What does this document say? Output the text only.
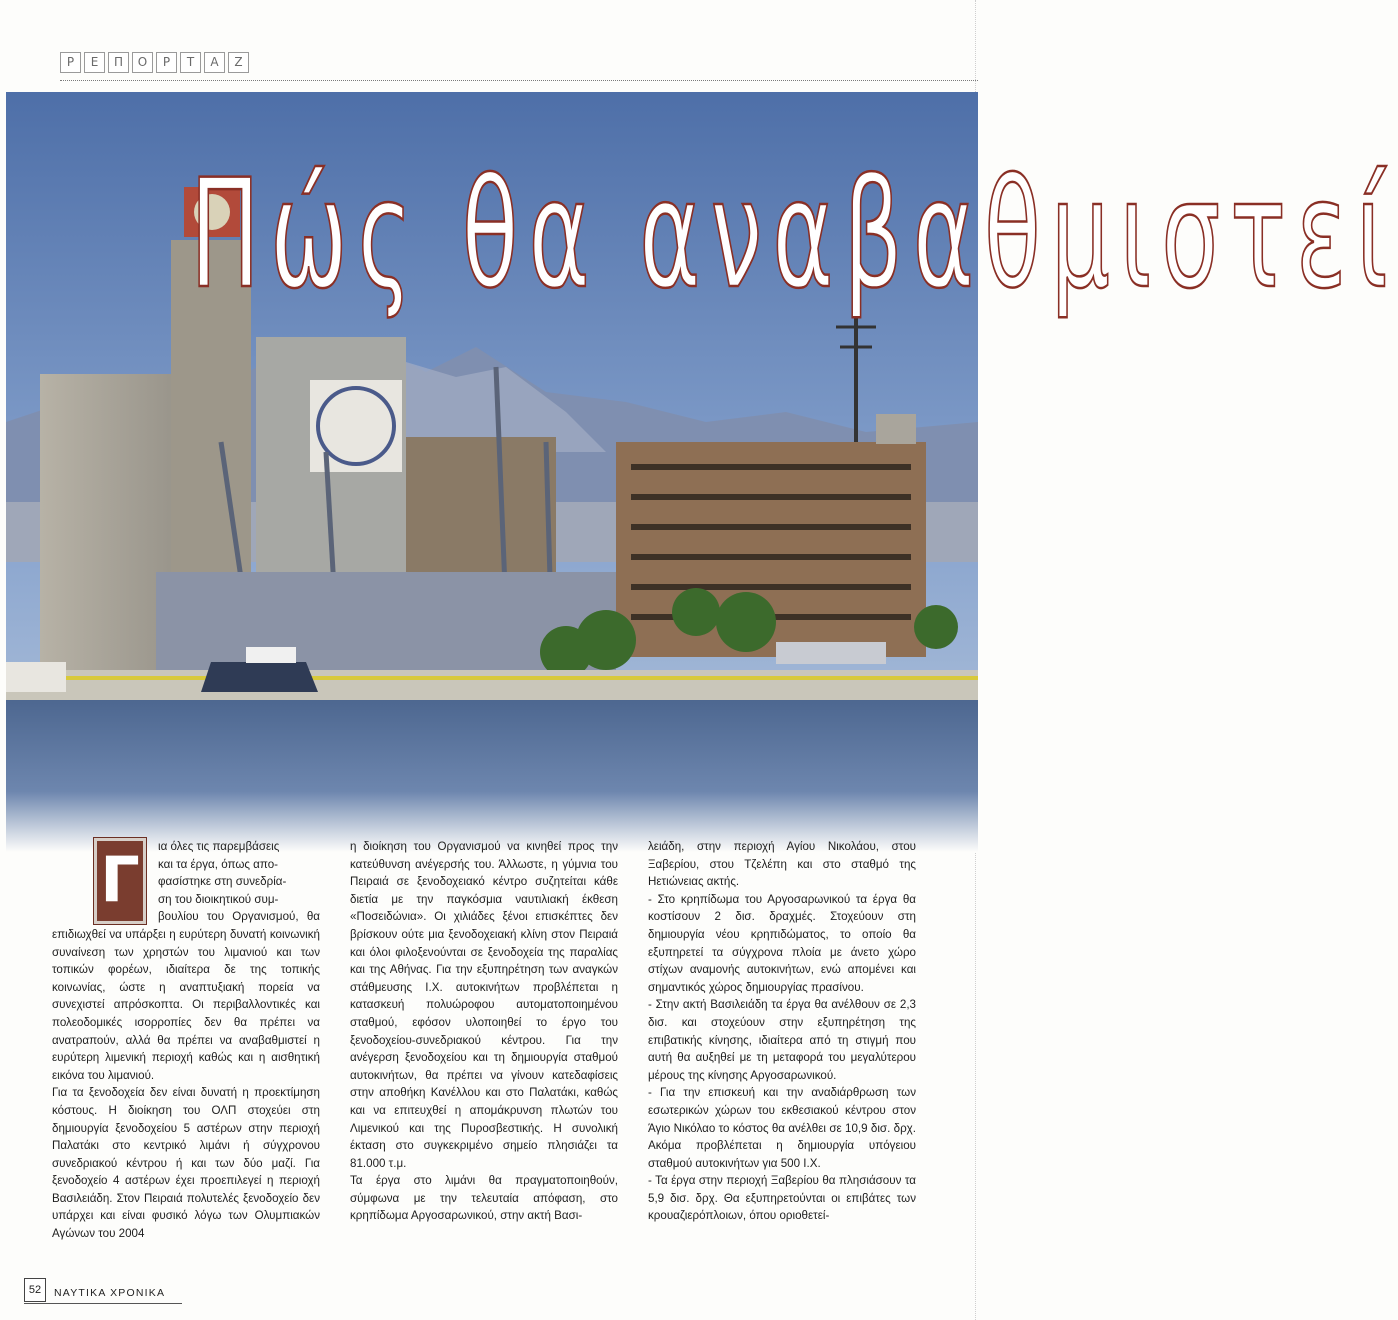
Ρ	Ε	Π	Ο	Ρ	Τ	Α	Ζ
Πώς θα αναβαθμιστεί
Γ	ια όλες τις παρεμβάσεις

και τα έργα, όπως απο-

φασίστηκε στη συνεδρία-

ση του διοικητικού συμ-

βουλίου του Οργανισμού, θα επιδιωχθεί να υπάρξει η ευρύτερη δυνατή κοινωνική συναίνεση των χρηστών του λιμανιού και των τοπικών φορέων, ιδιαίτερα δε της τοπικής κοινωνίας, ώστε η αναπτυξιακή πορεία να συνεχιστεί απρόσκοπτα. Οι περιβαλλοντικές και πολεοδομικές ισορροπίες δεν θα πρέπει να ανατραπούν, αλλά θα πρέπει να αναβαθμιστεί η ευρύτερη λιμενική περιοχή καθώς και η αισθητική εικόνα του λιμανιού.

Για τα ξενοδοχεία δεν είναι δυνατή η προεκτίμηση κόστους. Η διοίκηση του ΟΛΠ στοχεύει στη δημιουργία ξενοδοχείου 5 αστέρων στην περιοχή Παλατάκι στο κεντρικό λιμάνι ή σύγχρονου συνεδριακού κέντρου ή και των δύο μαζί. Για ξενοδοχείο 4 αστέρων έχει προεπιλεγεί η περιοχή Βασιλειάδη. Στον Πειραιά πολυτελές ξενοδοχείο δεν υπάρχει και είναι φυσικό λόγω των Ολυμπιακών Αγώνων του 2004

η διοίκηση του Οργανισμού να κινηθεί προς την κατεύθυνση ανέγερσής του. Άλλωστε, η γύμνια του Πειραιά σε ξενοδοχειακό κέντρο συζητείται κάθε διετία με την παγκόσμια ναυτιλιακή έκθεση «Ποσειδώνια». Οι χιλιάδες ξένοι επισκέπτες δεν βρίσκουν ούτε μια ξενοδοχειακή κλίνη στον Πειραιά και όλοι φιλοξενούνται σε ξενοδοχεία της παραλίας και της Αθήνας. Για την εξυπηρέτηση των αναγκών στάθμευσης Ι.Χ. αυτοκινήτων προβλέπεται η κατασκευή πολυώροφου αυτοματοποιημένου σταθμού, εφόσον υλοποιηθεί το έργο του ξενοδοχείου-συνεδριακού κέντρου. Για την ανέγερση ξενοδοχείου και τη δημιουργία σταθμού αυτοκινήτων, θα πρέπει να γίνουν κατεδαφίσεις στην αποθήκη Κανέλλου και στο Παλατάκι, καθώς και να επιτευχθεί η απομάκρυνση πλωτών του Λιμενικού και της Πυροσβεστικής. Η συνολική έκταση στο συγκεκριμένο σημείο πλησιάζει τα 81.000 τ.μ.

Τα έργα στο λιμάνι θα πραγματοποιηθούν, σύμφωνα με την τελευταία απόφαση, στο κρηπίδωμα Αργοσαρωνικού, στην ακτή Βασι-

λειάδη, στην περιοχή Αγίου Νικολάου, στου Ξαβερίου, στου Τζελέπη και στο σταθμό της Ηετιώνειας ακτής.

- Στο κρηπίδωμα του Αργοσαρωνικού τα έργα θα κοστίσουν 2 δισ. δραχμές. Στοχεύουν στη δημιουργία νέου κρηπιδώματος, το οποίο θα εξυπηρετεί τα σύγχρονα πλοία με άνετο χώρο στίχων αναμονής αυτοκινήτων, ενώ απομένει και σημαντικός χώρος δημιουργίας πρασίνου.

- Στην ακτή Βασιλειάδη τα έργα θα ανέλθουν σε 2,3 δισ. και στοχεύουν στην εξυπηρέτηση της επιβατικής κίνησης, ιδιαίτερα από τη στιγμή που αυτή θα αυξηθεί με τη μεταφορά του μεγαλύτερου μέρους της κίνησης Αργοσαρωνικού.

- Για την επισκευή και την αναδιάρθρωση των εσωτερικών χώρων του εκθεσιακού κέντρου στον Άγιο Νικόλαο το κόστος θα ανέλθει σε 10,9 δισ. δρχ. Ακόμα προβλέπεται η δημιουργία υπόγειου σταθμού αυτοκινήτων για 500 Ι.Χ.

- Τα έργα στην περιοχή Ξαβερίου θα πλησιάσουν τα 5,9 δισ. δρχ. Θα εξυπηρετούνται οι επιβάτες των κρουαζιερόπλοιων, όπου οριοθετεί-

52	ΝΑΥΤΙΚΑ ΧΡΟΝΙΚΑ
